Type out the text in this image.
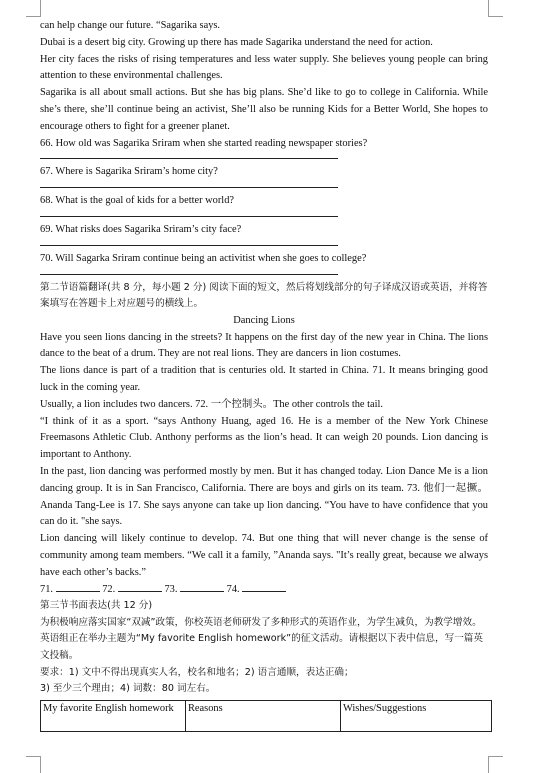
can help change our future. “Sagarika says.
Dubai is a desert big city. Growing up there has made Sagarika understand the need for action.
Her city faces the risks of rising temperatures and less water supply. She believes young people can bring attention to these environmental challenges.
Sagarika is all about small actions. But she has big plans. She’d like to go to college in California. While she’s there, she’ll continue being an activist, She’ll also be running Kids for a Better World, She hopes to encourage others to fight for a greener planet.
66. How old was Sagarika Sriram when she started reading newspaper stories?
67. Where is Sagarika Sriram’s home city?
68. What is the goal of kids for a better world?
69. What risks does Sagarika Sriram’s city face?
70. Will Sagarka Sriram continue being an activitist when she goes to college?
第二节语篇翻译(共 8 分，每小题 2 分) 阅读下面的短文，然后将划线部分的句子译成汉语或英语，并将答案填写在答题卡上对应题号的横线上。
Dancing Lions
Have you seen lions dancing in the streets? It happens on the first day of the new year in China. The lions dance to the beat of a drum. They are not real lions. They are dancers in lion costumes.
The lions dance is part of a tradition that is centuries old. It started in China. 71. It means bringing good luck in the coming year.
Usually, a lion includes two dancers. 72. 一个控制头。The other controls the tail.
“I think of it as a sport. “says Anthony Huang, aged 16. He is a member of the New York Chinese Freemasons Athletic Club. Anthony performs as the lion’s head. It can weigh 20 pounds. Lion dancing is important to Anthony.
In the past, lion dancing was performed mostly by men. But it has changed today. Lion Dance Me is a lion dancing group. It is in San Francisco, California. There are boys and girls on its team. 73. 他们一起撅。Ananda Tang-Lee is 17. She says anyone can take up lion dancing. “You have to have confidence that you can do it. "she says.
Lion dancing will likely continue to develop. 74. But one thing that will never change is the sense of community among team members. “We call it a family, ”Ananda says. "It’s really great, because we always have each other’s backs.”
71.	72.	73.	74.
第三节书面表达(共 12 分)
为积极响应落实国家“双减”政策，你校英语老师研发了多种形式的英语作业，为学生减负，为教学增效。英语组正在举办主题为“My favorite English homework”的征文活动。请根据以下表中信息，写一篇英文投稿。
要求：1) 文中不得出现真实人名，校名和地名；2) 语言通顺，表达正确；
3) 至少三个理由；4) 词数：80 词左右。
My favorite English homework	Reasons	Wishes/Suggestions
